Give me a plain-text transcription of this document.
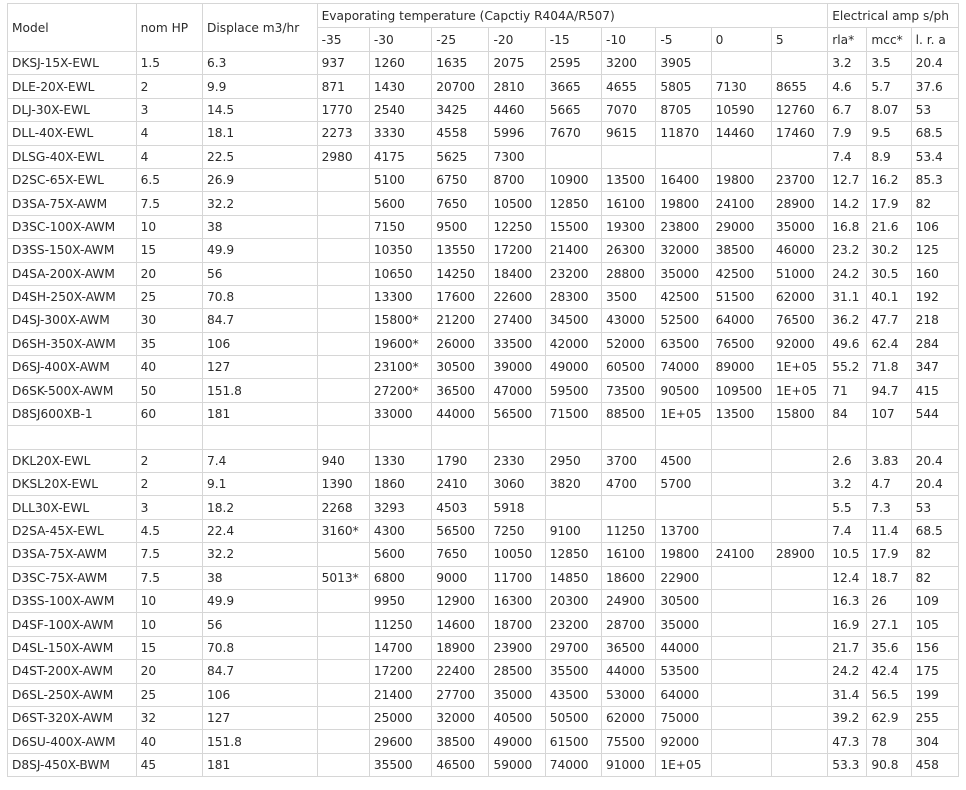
Model	nom HP	Displace m3/hr	Evaporating temperature (Capctiy R404A/R507)									Electrical amp s/ph		
			-35	-30	-25	-20	-15	-10	-5	0	5	rla*	mcc*	l. r. a
DKSJ-15X-EWL	1.5	6.3	937	1260	1635	2075	2595	3200	3905			3.2	3.5	20.4
DLE-20X-EWL	2	9.9	871	1430	20700	2810	3665	4655	5805	7130	8655	4.6	5.7	37.6
DLJ-30X-EWL	3	14.5	1770	2540	3425	4460	5665	7070	8705	10590	12760	6.7	8.07	53
DLL-40X-EWL	4	18.1	2273	3330	4558	5996	7670	9615	11870	14460	17460	7.9	9.5	68.5
DLSG-40X-EWL	4	22.5	2980	4175	5625	7300						7.4	8.9	53.4
D2SC-65X-EWL	6.5	26.9		5100	6750	8700	10900	13500	16400	19800	23700	12.7	16.2	85.3
D3SA-75X-AWM	7.5	32.2		5600	7650	10500	12850	16100	19800	24100	28900	14.2	17.9	82
D3SC-100X-AWM	10	38		7150	9500	12250	15500	19300	23800	29000	35000	16.8	21.6	106
D3SS-150X-AWM	15	49.9		10350	13550	17200	21400	26300	32000	38500	46000	23.2	30.2	125
D4SA-200X-AWM	20	56		10650	14250	18400	23200	28800	35000	42500	51000	24.2	30.5	160
D4SH-250X-AWM	25	70.8		13300	17600	22600	28300	3500	42500	51500	62000	31.1	40.1	192
D4SJ-300X-AWM	30	84.7		15800*	21200	27400	34500	43000	52500	64000	76500	36.2	47.7	218
D6SH-350X-AWM	35	106		19600*	26000	33500	42000	52000	63500	76500	92000	49.6	62.4	284
D6SJ-400X-AWM	40	127		23100*	30500	39000	49000	60500	74000	89000	1E+05	55.2	71.8	347
D6SK-500X-AWM	50	151.8		27200*	36500	47000	59500	73500	90500	109500	1E+05	71	94.7	415
D8SJ600XB-1	60	181		33000	44000	56500	71500	88500	1E+05	13500	15800	84	107	544

DKL20X-EWL	2	7.4	940	1330	1790	2330	2950	3700	4500			2.6	3.83	20.4
DKSL20X-EWL	2	9.1	1390	1860	2410	3060	3820	4700	5700			3.2	4.7	20.4
DLL30X-EWL	3	18.2	2268	3293	4503	5918						5.5	7.3	53
D2SA-45X-EWL	4.5	22.4	3160*	4300	56500	7250	9100	11250	13700			7.4	11.4	68.5
D3SA-75X-AWM	7.5	32.2		5600	7650	10050	12850	16100	19800	24100	28900	10.5	17.9	82
D3SC-75X-AWM	7.5	38	5013*	6800	9000	11700	14850	18600	22900			12.4	18.7	82
D3SS-100X-AWM	10	49.9		9950	12900	16300	20300	24900	30500			16.3	26	109
D4SF-100X-AWM	10	56		11250	14600	18700	23200	28700	35000			16.9	27.1	105
D4SL-150X-AWM	15	70.8		14700	18900	23900	29700	36500	44000			21.7	35.6	156
D4ST-200X-AWM	20	84.7		17200	22400	28500	35500	44000	53500			24.2	42.4	175
D6SL-250X-AWM	25	106		21400	27700	35000	43500	53000	64000			31.4	56.5	199
D6ST-320X-AWM	32	127		25000	32000	40500	50500	62000	75000			39.2	62.9	255
D6SU-400X-AWM	40	151.8		29600	38500	49000	61500	75500	92000			47.3	78	304
D8SJ-450X-BWM	45	181		35500	46500	59000	74000	91000	1E+05			53.3	90.8	458
